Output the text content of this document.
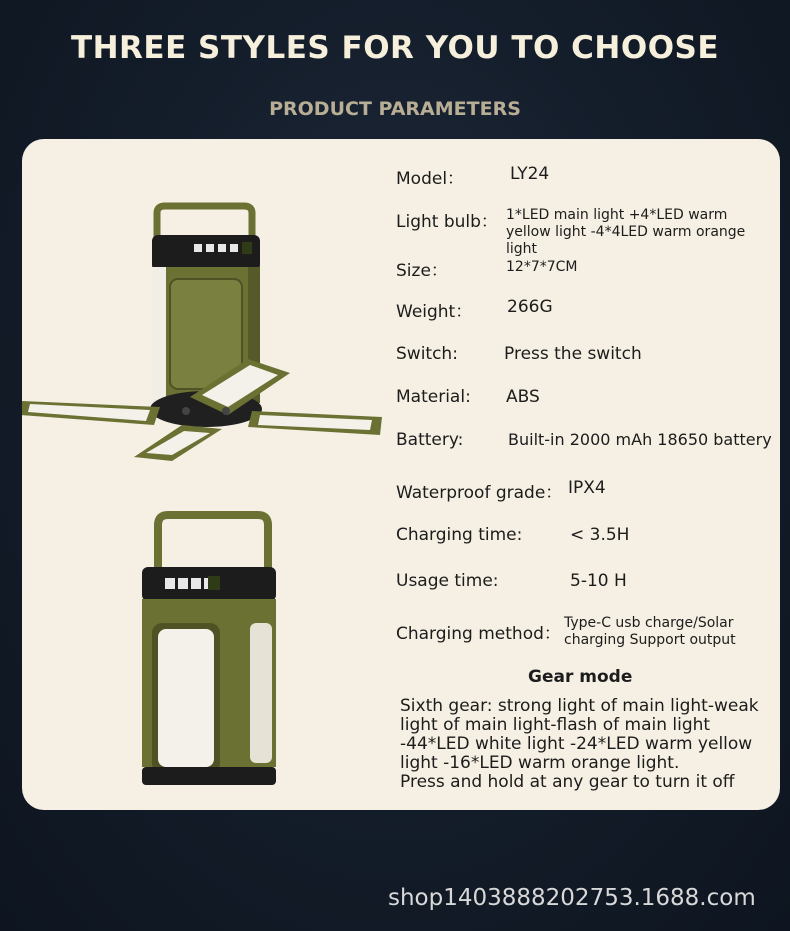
THREE STYLES FOR YOU TO CHOOSE
PRODUCT PARAMETERS
Model：	LY24
Light bulb： 1*LED main light +4*LED warm yellow light -4*4LED warm orange light
Size：	12*7*7CM
Weight： 266G
Switch:	Press the switch
Material: ABS
Battery:	Built-in 2000 mAh 18650 battery
Waterproof grade： IPX4
Charging time:	< 3.5H
Usage time:	5-10 H
Charging method：
Type-C usb charge/Solar charging Support output
Gear mode
Sixth gear: strong light of main light-weak light of main light-flash of main light -44*LED white light -24*LED warm yellow light -16*LED warm orange light.
Press and hold at any gear to turn it off
shop1403888202753.1688.com
